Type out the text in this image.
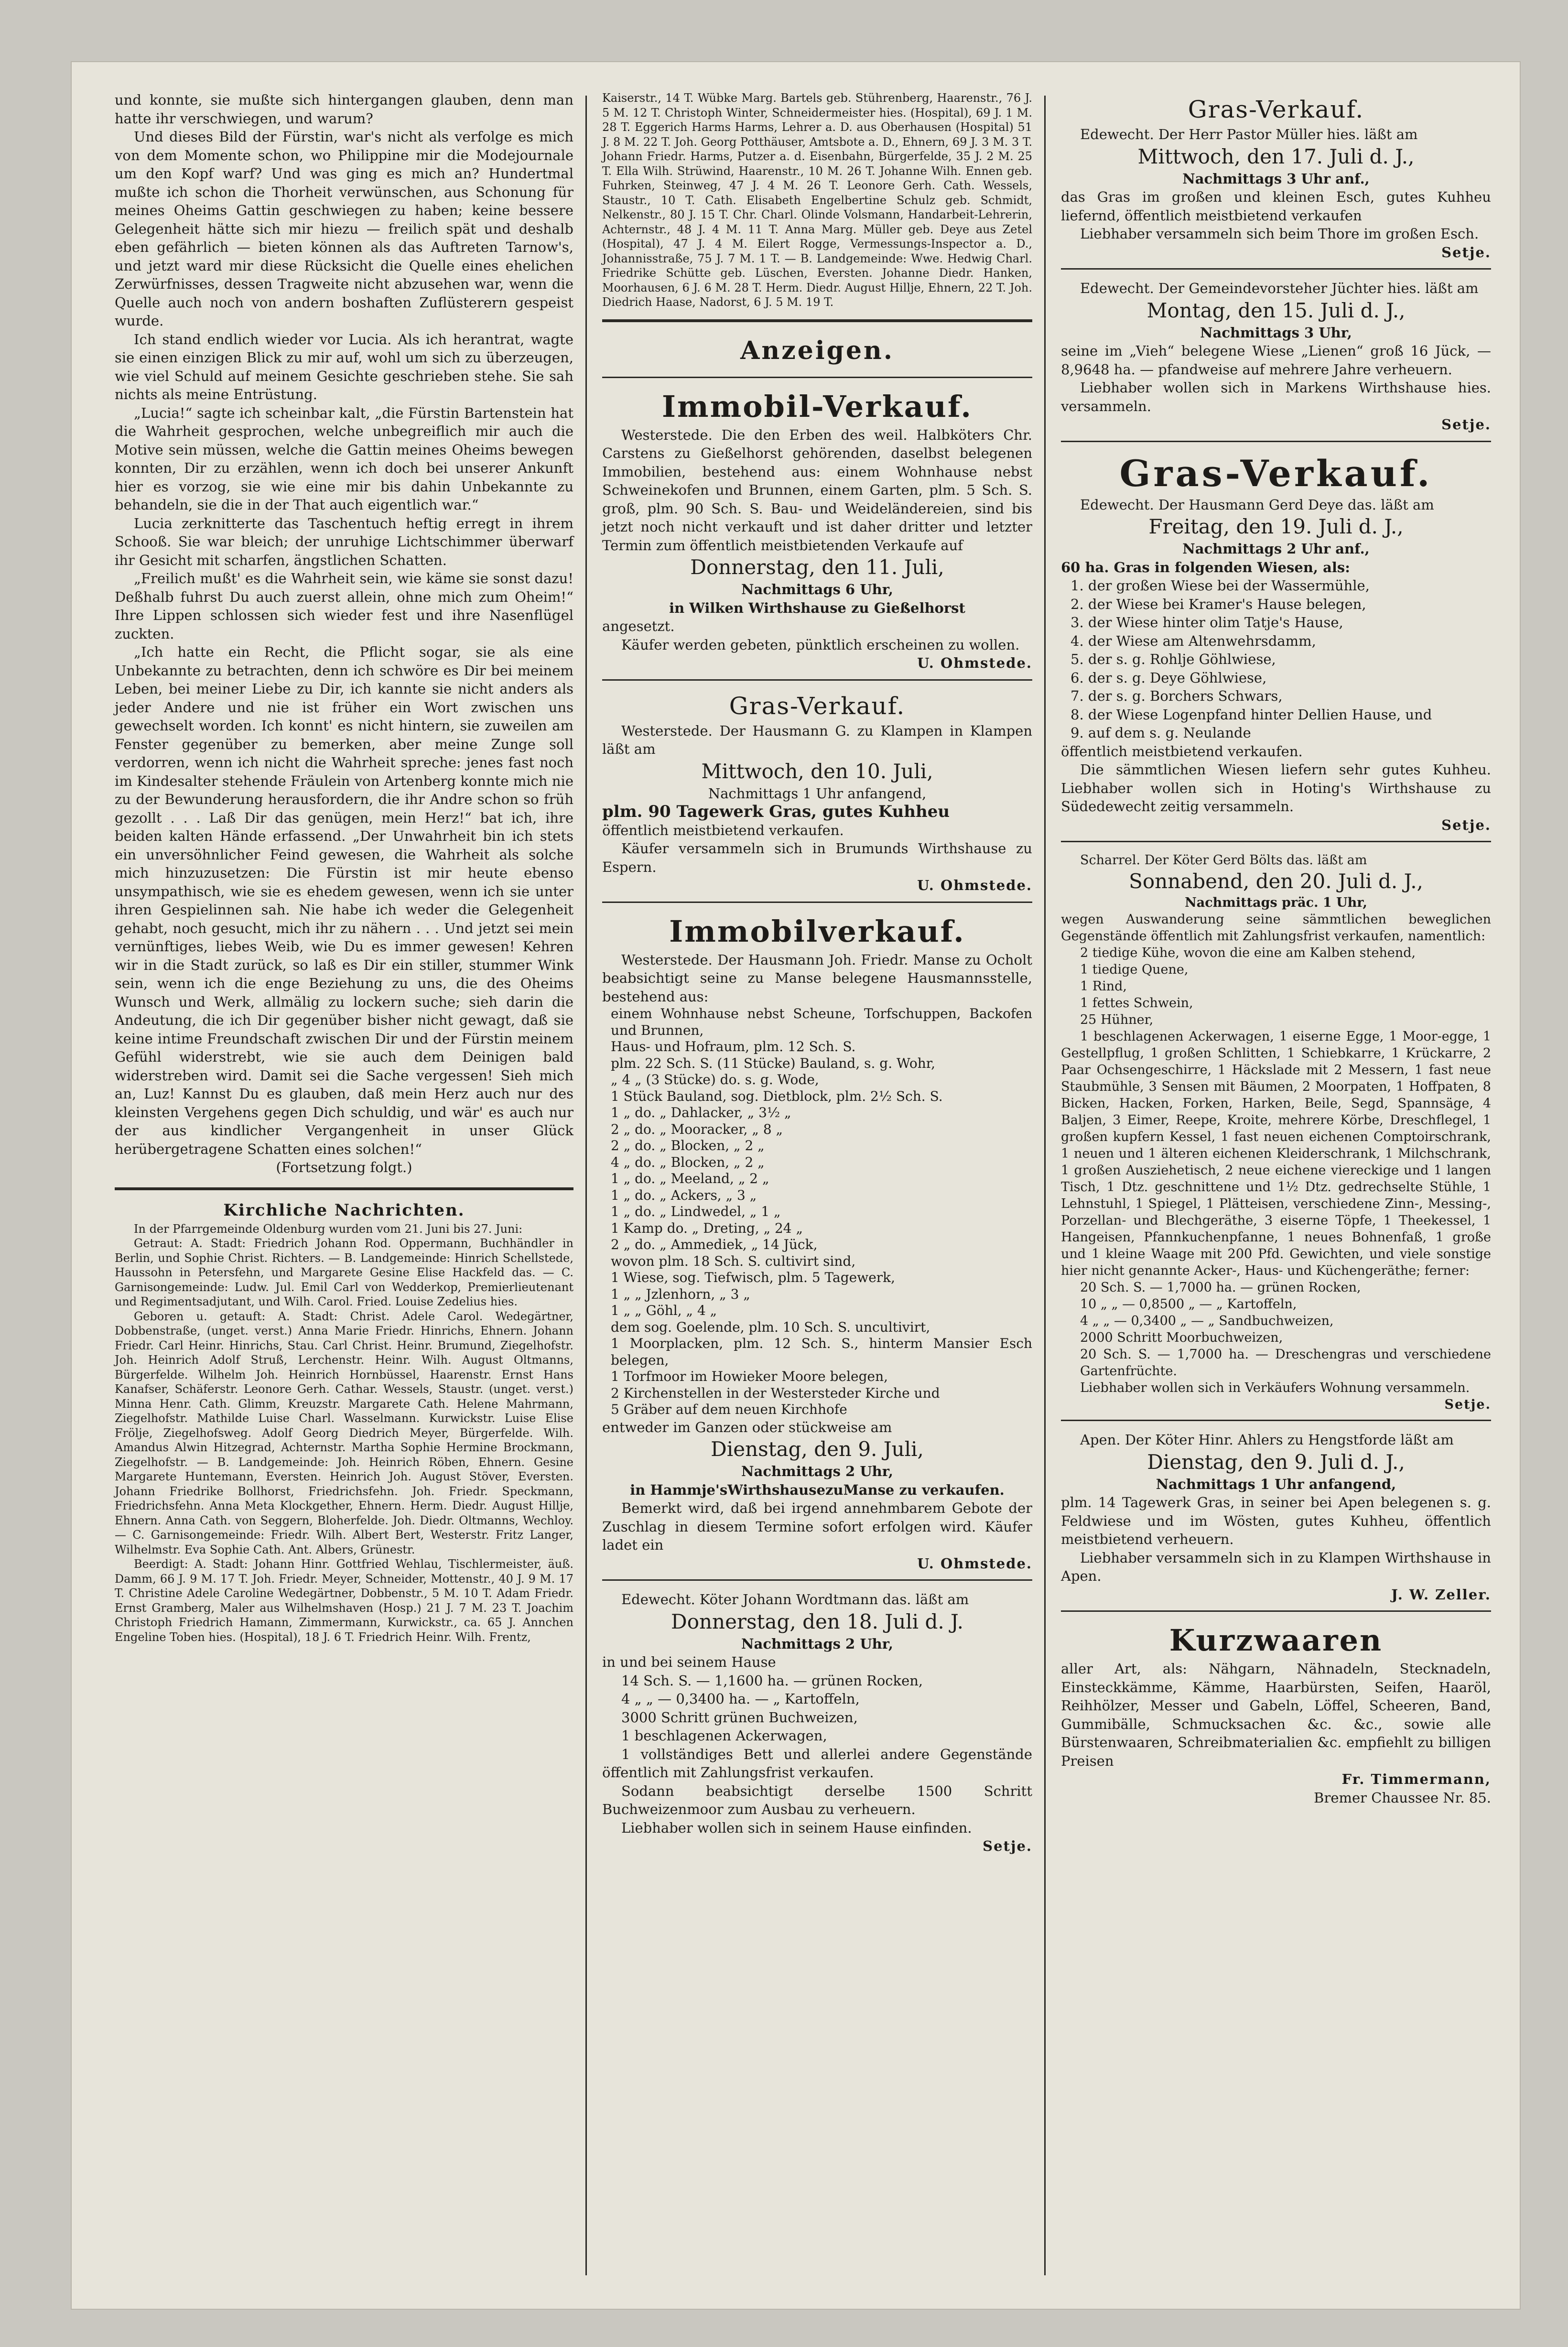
und konnte, sie mußte sich hintergangen glauben, denn man hatte ihr verschwiegen, und warum?

Und dieses Bild der Fürstin, war's nicht als verfolge es mich von dem Momente schon, wo Philippine mir die Modejournale um den Kopf warf? Und was ging es mich an? Hundertmal mußte ich schon die Thorheit verwünschen, aus Schonung für meines Oheims Gattin geschwiegen zu haben; keine bessere Gelegenheit hätte sich mir hiezu — freilich spät und deshalb eben gefährlich — bieten können als das Auftreten Tarnow's, und jetzt ward mir diese Rücksicht die Quelle eines ehelichen Zerwürfnisses, dessen Tragweite nicht abzusehen war, wenn die Quelle auch noch von andern boshaften Zuflüsterern gespeist wurde.

Ich stand endlich wieder vor Lucia. Als ich herantrat, wagte sie einen einzigen Blick zu mir auf, wohl um sich zu überzeugen, wie viel Schuld auf meinem Gesichte geschrieben stehe. Sie sah nichts als meine Entrüstung.

„Lucia!“ sagte ich scheinbar kalt, „die Fürstin Bartenstein hat die Wahrheit gesprochen, welche unbegreiflich mir auch die Motive sein müssen, welche die Gattin meines Oheims bewegen konnten, Dir zu erzählen, wenn ich doch bei unserer Ankunft hier es vorzog, sie wie eine mir bis dahin Unbekannte zu behandeln, sie die in der That auch eigentlich war.“

Lucia zerknitterte das Taschentuch heftig erregt in ihrem Schooß. Sie war bleich; der unruhige Lichtschimmer überwarf ihr Gesicht mit scharfen, ängstlichen Schatten.

„Freilich mußt' es die Wahrheit sein, wie käme sie sonst dazu! Deßhalb fuhrst Du auch zuerst allein, ohne mich zum Oheim!“ Ihre Lippen schlossen sich wieder fest und ihre Nasenflügel zuckten.

„Ich hatte ein Recht, die Pflicht sogar, sie als eine Unbekannte zu betrachten, denn ich schwöre es Dir bei meinem Leben, bei meiner Liebe zu Dir, ich kannte sie nicht anders als jeder Andere und nie ist früher ein Wort zwischen uns gewechselt worden. Ich konnt' es nicht hintern, sie zuweilen am Fenster gegenüber zu bemerken, aber meine Zunge soll verdorren, wenn ich nicht die Wahrheit spreche: jenes fast noch im Kindesalter stehende Fräulein von Artenberg konnte mich nie zu der Bewunderung herausfordern, die ihr Andre schon so früh gezollt . . . Laß Dir das genügen, mein Herz!“ bat ich, ihre beiden kalten Hände erfassend. „Der Unwahrheit bin ich stets ein unversöhnlicher Feind gewesen, die Wahrheit als solche mich hinzuzusetzen: Die Fürstin ist mir heute ebenso unsympathisch, wie sie es ehedem gewesen, wenn ich sie unter ihren Gespielinnen sah. Nie habe ich weder die Gelegenheit gehabt, noch gesucht, mich ihr zu nähern . . . Und jetzt sei mein vernünftiges, liebes Weib, wie Du es immer gewesen! Kehren wir in die Stadt zurück, so laß es Dir ein stiller, stummer Wink sein, wenn ich die enge Beziehung zu uns, die des Oheims Wunsch und Werk, allmälig zu lockern suche; sieh darin die Andeutung, die ich Dir gegenüber bisher nicht gewagt, daß sie keine intime Freundschaft zwischen Dir und der Fürstin meinem Gefühl widerstrebt, wie sie auch dem Deinigen bald widerstreben wird. Damit sei die Sache vergessen! Sieh mich an, Luz! Kannst Du es glauben, daß mein Herz auch nur des kleinsten Vergehens gegen Dich schuldig, und wär' es auch nur der aus kindlicher Vergangenheit in unser Glück herübergetragene Schatten eines solchen!“

(Fortsetzung folgt.)

Kirchliche Nachrichten.

In der Pfarrgemeinde Oldenburg wurden vom 21. Juni bis 27. Juni:

Getraut: A. Stadt: Friedrich Johann Rod. Oppermann, Buchhändler in Berlin, und Sophie Christ. Richters. — B. Landgemeinde: Hinrich Schellstede, Haussohn in Petersfehn, und Margarete Gesine Elise Hackfeld das. — C. Garnisongemeinde: Ludw. Jul. Emil Carl von Wedderkop, Premierlieutenant und Regimentsadjutant, und Wilh. Carol. Fried. Louise Zedelius hies.

Geboren u. getauft: A. Stadt: Christ. Adele Carol. Wedegärtner, Dobbenstraße, (unget. verst.) Anna Marie Friedr. Hinrichs, Ehnern. Johann Friedr. Carl Heinr. Hinrichs, Stau. Carl Christ. Heinr. Brumund, Ziegelhofstr. Joh. Heinrich Adolf Struß, Lerchenstr. Heinr. Wilh. August Oltmanns, Bürgerfelde. Wilhelm Joh. Heinrich Hornbüssel, Haarenstr. Ernst Hans Kanafser, Schäferstr. Leonore Gerh. Cathar. Wessels, Staustr. (unget. verst.) Minna Henr. Cath. Glimm, Kreuzstr. Margarete Cath. Helene Mahrmann, Ziegelhofstr. Mathilde Luise Charl. Wasselmann. Kurwickstr. Luise Elise Frölje, Ziegelhofsweg. Adolf Georg Diedrich Meyer, Bürgerfelde. Wilh. Amandus Alwin Hitzegrad, Achternstr. Martha Sophie Hermine Brockmann, Ziegelhofstr. — B. Landgemeinde: Joh. Heinrich Röben, Ehnern. Gesine Margarete Huntemann, Eversten. Heinrich Joh. August Stöver, Eversten. Johann Friedrike Bollhorst, Friedrichsfehn. Joh. Friedr. Speckmann, Friedrichsfehn. Anna Meta Klockgether, Ehnern. Herm. Diedr. August Hillje, Ehnern. Anna Cath. von Seggern, Bloherfelde. Joh. Diedr. Oltmanns, Wechloy. — C. Garnisongemeinde: Friedr. Wilh. Albert Bert, Westerstr. Fritz Langer, Wilhelmstr. Eva Sophie Cath. Ant. Albers, Grünestr.

Beerdigt: A. Stadt: Johann Hinr. Gottfried Wehlau, Tischlermeister, äuß. Damm, 66 J. 9 M. 17 T. Joh. Friedr. Meyer, Schneider, Mottenstr., 40 J. 9 M. 17 T. Christine Adele Caroline Wedegärtner, Dobbenstr., 5 M. 10 T. Adam Friedr. Ernst Gramberg, Maler aus Wilhelmshaven (Hosp.) 21 J. 7 M. 23 T. Joachim Christoph Friedrich Hamann, Zimmermann, Kurwickstr., ca. 65 J. Annchen Engeline Toben hies. (Hospital), 18 J. 6 T. Friedrich Heinr. Wilh. Frentz,

Kaiserstr., 14 T. Wübke Marg. Bartels geb. Stührenberg, Haarenstr., 76 J. 5 M. 12 T. Christoph Winter, Schneidermeister hies. (Hospital), 69 J. 1 M. 28 T. Eggerich Harms Harms, Lehrer a. D. aus Oberhausen (Hospital) 51 J. 8 M. 22 T. Joh. Georg Potthäuser, Amtsbote a. D., Ehnern, 69 J. 3 M. 3 T. Johann Friedr. Harms, Putzer a. d. Eisenbahn, Bürgerfelde, 35 J. 2 M. 25 T. Ella Wilh. Strüwind, Haarenstr., 10 M. 26 T. Johanne Wilh. Ennen geb. Fuhrken, Steinweg, 47 J. 4 M. 26 T. Leonore Gerh. Cath. Wessels, Staustr., 10 T. Cath. Elisabeth Engelbertine Schulz geb. Schmidt, Nelkenstr., 80 J. 15 T. Chr. Charl. Olinde Volsmann, Handarbeit-Lehrerin, Achternstr., 48 J. 4 M. 11 T. Anna Marg. Müller geb. Deye aus Zetel (Hospital), 47 J. 4 M. Eilert Rogge, Vermessungs-Inspector a. D., Johannisstraße, 75 J. 7 M. 1 T. — B. Landgemeinde: Wwe. Hedwig Charl. Friedrike Schütte geb. Lüschen, Eversten. Johanne Diedr. Hanken, Moorhausen, 6 J. 6 M. 28 T. Herm. Diedr. August Hillje, Ehnern, 22 T. Joh. Diedrich Haase, Nadorst, 6 J. 5 M. 19 T.

Anzeigen.

Immobil-Verkauf.

Westerstede. Die den Erben des weil. Halbköters Chr. Carstens zu Gießelhorst gehörenden, daselbst belegenen Immobilien, bestehend aus: einem Wohnhause nebst Schweinekofen und Brunnen, einem Garten, plm. 5 Sch. S. groß, plm. 90 Sch. S. Bau- und Weideländereien, sind bis jetzt noch nicht verkauft und ist daher dritter und letzter Termin zum öffentlich meistbietenden Verkaufe auf

Donnerstag, den 11. Juli,

Nachmittags 6 Uhr,

in Wilken Wirthshause zu Gießelhorst

angesetzt.

Käufer werden gebeten, pünktlich erscheinen zu wollen.

U. Ohmstede.

Gras-Verkauf.

Westerstede. Der Hausmann G. zu Klampen in Klampen läßt am

Mittwoch, den 10. Juli,

Nachmittags 1 Uhr anfangend,

plm. 90 Tagewerk Gras, gutes Kuhheu

öffentlich meistbietend verkaufen.

Käufer versammeln sich in Brumunds Wirthshause zu Espern.

U. Ohmstede.

Immobilverkauf.

Westerstede. Der Hausmann Joh. Friedr. Manse zu Ocholt beabsichtigt seine zu Manse belegene Hausmannsstelle, bestehend aus:

einem Wohnhause nebst Scheune, Torfschuppen, Backofen und Brunnen,

Haus- und Hofraum, plm. 12 Sch. S.

plm. 22 Sch. S. (11 Stücke) Bauland, s. g. Wohr,

„ 4 „ (3 Stücke) do. s. g. Wode,

1 Stück Bauland, sog. Dietblock, plm. 2½ Sch. S.

1 „ do. „ Dahlacker, „ 3½ „

2 „ do. „ Mooracker, „ 8 „

2 „ do. „ Blocken, „ 2 „

4 „ do. „ Blocken, „ 2 „

1 „ do. „ Meeland, „ 2 „

1 „ do. „ Ackers, „ 3 „

1 „ do. „ Lindwedel, „ 1 „

1 Kamp do. „ Dreting, „ 24 „

2 „ do. „ Ammediek, „ 14 Jück,

wovon plm. 18 Sch. S. cultivirt sind,

1 Wiese, sog. Tiefwisch, plm. 5 Tagewerk,

1 „ „ Jzlenhorn, „ 3 „

1 „ „ Göhl, „ 4 „

dem sog. Goelende, plm. 10 Sch. S. uncultivirt,

1 Moorplacken, plm. 12 Sch. S., hinterm Mansier Esch belegen,

1 Torfmoor im Howieker Moore belegen,

2 Kirchenstellen in der Westersteder Kirche und

5 Gräber auf dem neuen Kirchhofe

entweder im Ganzen oder stückweise am

Dienstag, den 9. Juli,

Nachmittags 2 Uhr,

in Hammje'sWirthshausezuManse zu verkaufen.

Bemerkt wird, daß bei irgend annehmbarem Gebote der Zuschlag in diesem Termine sofort erfolgen wird. Käufer ladet ein

U. Ohmstede.

Edewecht. Köter Johann Wordtmann das. läßt am

Donnerstag, den 18. Juli d. J.

Nachmittags 2 Uhr,

in und bei seinem Hause

14 Sch. S. — 1,1600 ha. — grünen Rocken,

4 „ „ — 0,3400 ha. — „ Kartoffeln,

3000 Schritt grünen Buchweizen,

1 beschlagenen Ackerwagen,

1 vollständiges Bett und allerlei andere Gegenstände öffentlich mit Zahlungsfrist verkaufen.

Sodann beabsichtigt derselbe 1500 Schritt Buchweizenmoor zum Ausbau zu verheuern.

Liebhaber wollen sich in seinem Hause einfinden.

Setje.

Gras-Verkauf.

Edewecht. Der Herr Pastor Müller hies. läßt am

Mittwoch, den 17. Juli d. J.,

Nachmittags 3 Uhr anf.,

das Gras im großen und kleinen Esch, gutes Kuhheu liefernd, öffentlich meistbietend verkaufen

Liebhaber versammeln sich beim Thore im großen Esch.

Setje.

Edewecht. Der Gemeindevorsteher Jüchter hies. läßt am

Montag, den 15. Juli d. J.,

Nachmittags 3 Uhr,

seine im „Vieh“ belegene Wiese „Lienen“ groß 16 Jück, — 8,9648 ha. — pfandweise auf mehrere Jahre verheuern.

Liebhaber wollen sich in Markens Wirthshause hies. versammeln.

Setje.

Gras-Verkauf.

Edewecht. Der Hausmann Gerd Deye das. läßt am

Freitag, den 19. Juli d. J.,

Nachmittags 2 Uhr anf.,

60 ha. Gras in folgenden Wiesen, als:

1. der großen Wiese bei der Wassermühle,

2. der Wiese bei Kramer's Hause belegen,

3. der Wiese hinter olim Tatje's Hause,

4. der Wiese am Altenwehrsdamm,

5. der s. g. Rohlje Göhlwiese,

6. der s. g. Deye Göhlwiese,

7. der s. g. Borchers Schwars,

8. der Wiese Logenpfand hinter Dellien Hause, und

9. auf dem s. g. Neulande

öffentlich meistbietend verkaufen.

Die sämmtlichen Wiesen liefern sehr gutes Kuhheu. Liebhaber wollen sich in Hoting's Wirthshause zu Südedewecht zeitig versammeln.

Setje.

Scharrel. Der Köter Gerd Bölts das. läßt am

Sonnabend, den 20. Juli d. J.,

Nachmittags präc. 1 Uhr,

wegen Auswanderung seine sämmtlichen beweglichen Gegenstände öffentlich mit Zahlungsfrist verkaufen, namentlich:

2 tiedige Kühe, wovon die eine am Kalben stehend,

1 tiedige Quene,

1 Rind,

1 fettes Schwein,

25 Hühner,

1 beschlagenen Ackerwagen, 1 eiserne Egge, 1 Moor-egge, 1 Gestellpflug, 1 großen Schlitten, 1 Schiebkarre, 1 Krückarre, 2 Paar Ochsengeschirre, 1 Häckslade mit 2 Messern, 1 fast neue Staubmühle, 3 Sensen mit Bäumen, 2 Moorpaten, 1 Hoffpaten, 8 Bicken, Hacken, Forken, Harken, Beile, Segd, Spannsäge, 4 Baljen, 3 Eimer, Reepe, Kroite, mehrere Körbe, Dreschflegel, 1 großen kupfern Kessel, 1 fast neuen eichenen Comptoirschrank, 1 neuen und 1 älteren eichenen Kleiderschrank, 1 Milchschrank, 1 großen Ausziehetisch, 2 neue eichene viereckige und 1 langen Tisch, 1 Dtz. geschnittene und 1½ Dtz. gedrechselte Stühle, 1 Lehnstuhl, 1 Spiegel, 1 Plätteisen, verschiedene Zinn-, Messing-, Porzellan- und Blechgeräthe, 3 eiserne Töpfe, 1 Theekessel, 1 Hangeisen, Pfannkuchenpfanne, 1 neues Bohnenfaß, 1 große und 1 kleine Waage mit 200 Pfd. Gewichten, und viele sonstige hier nicht genannte Acker-, Haus- und Küchengeräthe; ferner:

20 Sch. S. — 1,7000 ha. — grünen Rocken,

10 „ „ — 0,8500 „ — „ Kartoffeln,

4 „ „ — 0,3400 „ — „ Sandbuchweizen,

2000 Schritt Moorbuchweizen,

20 Sch. S. — 1,7000 ha. — Dreschengras und verschiedene Gartenfrüchte.

Liebhaber wollen sich in Verkäufers Wohnung versammeln.

Setje.

Apen. Der Köter Hinr. Ahlers zu Hengstforde läßt am

Dienstag, den 9. Juli d. J.,

Nachmittags 1 Uhr anfangend,

plm. 14 Tagewerk Gras, in seiner bei Apen belegenen s. g. Feldwiese und im Wösten, gutes Kuhheu, öffentlich meistbietend verheuern.

Liebhaber versammeln sich in zu Klampen Wirthshause in Apen.

J. W. Zeller.

Kurzwaaren

aller Art, als: Nähgarn, Nähnadeln, Stecknadeln, Einsteckkämme, Kämme, Haarbürsten, Seifen, Haaröl, Reihhölzer, Messer und Gabeln, Löffel, Scheeren, Band, Gummibälle, Schmucksachen &c. &c., sowie alle Bürstenwaaren, Schreibmaterialien &c. empfiehlt zu billigen Preisen

Fr. Timmermann,

Bremer Chaussee Nr. 85.
